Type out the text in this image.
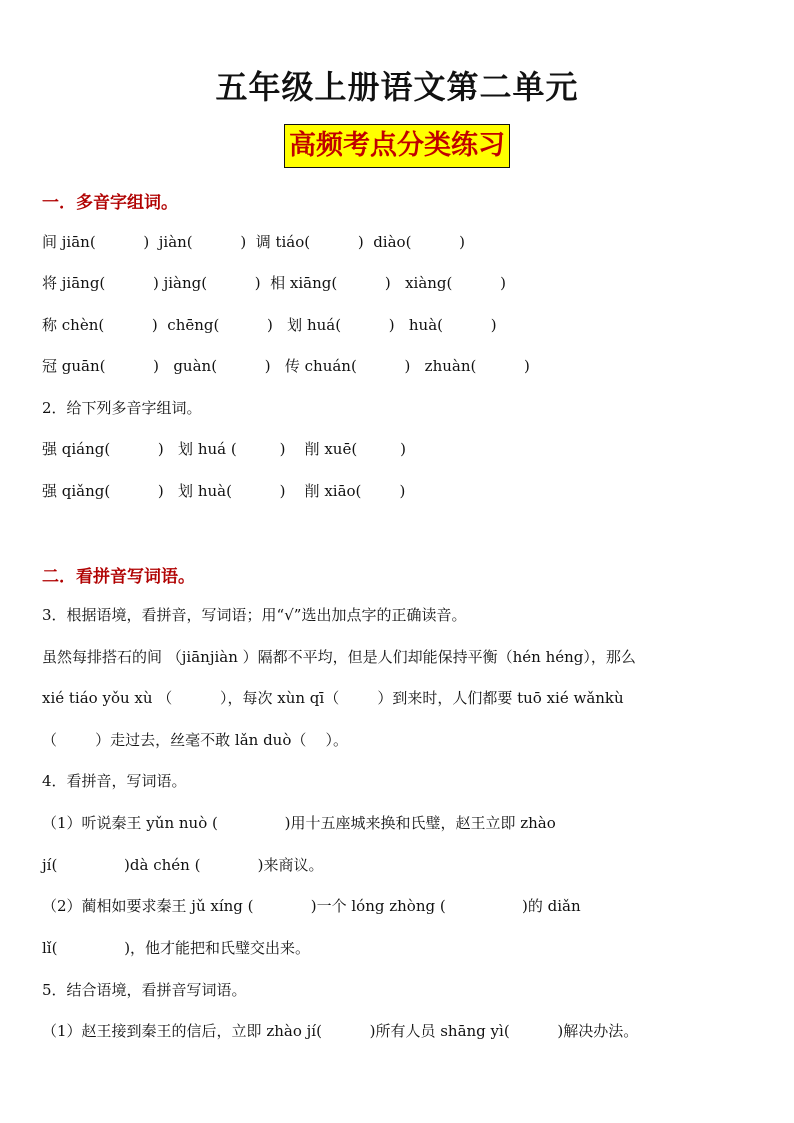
五年级上册语文第二单元
高频考点分类练习
一．多音字组词。
间 jiān(          )  jiàn(          )  调 tiáo(          )  diào(          )
将 jiāng(          ) jiàng(          )  相 xiāng(          )   xiàng(          )
称 chèn(          )  chēng(          )   划 huá(          )   huà(          )
冠 guān(          )   guàn(          )   传 chuán(          )   zhuàn(          )
2．给下列多音字组词。
强 qiáng(          )   划 huá (         )    削 xuē(         )
强 qiǎng(          )   划 huà(          )    削 xiāo(        )
二．看拼音写词语。
3．根据语境，看拼音，写词语；用“√”选出加点字的正确读音。
虽然每排搭石的间 （jiānjiàn ）隔都不平均，但是人们却能保持平衡（hén héng），那么
xié tiáo yǒu xù （          ），每次 xùn qī（        ）到来时，人们都要 tuō xié wǎnkù
（        ）走过去，丝毫不敢 lǎn duò（    ）。
4．看拼音，写词语。
（1）听说秦王 yǔn nuò (              )用十五座城来换和氏璧，赵王立即 zhào
jí(              )dà chén (            )来商议。
（2）蔺相如要求秦王 jǔ xíng (            )一个 lóng zhòng (                )的 diǎn
lǐ(              )，他才能把和氏璧交出来。
5．结合语境，看拼音写词语。
（1）赵王接到秦王的信后，立即 zhào jí(          )所有人员 shāng yì(          )解决办法。
